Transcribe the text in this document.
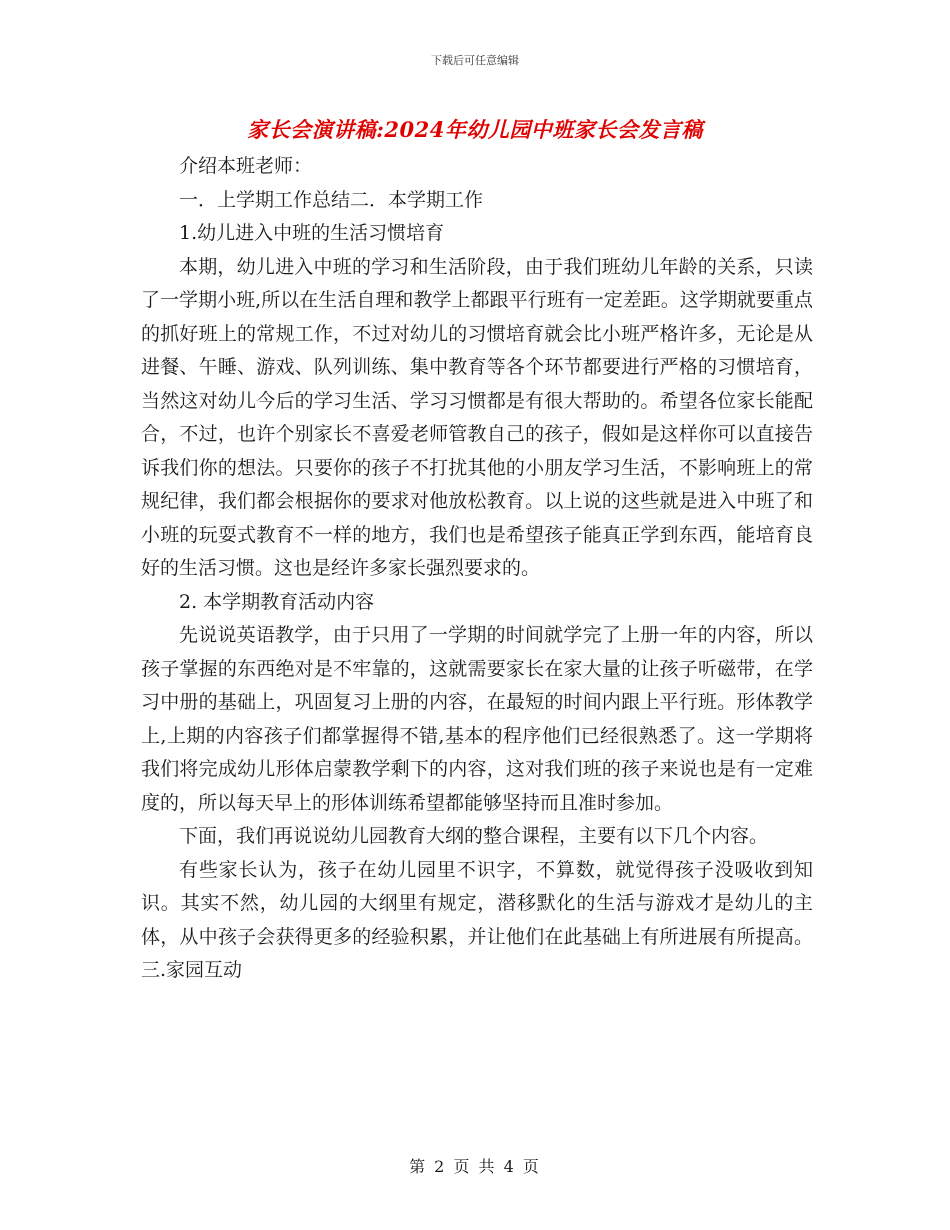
下载后可任意编辑
家长会演讲稿:2024年幼儿园中班家长会发言稿

介绍本班老师：

一．上学期工作总结二．本学期工作

1.幼儿进入中班的生活习惯培育

本期，幼儿进入中班的学习和生活阶段，由于我们班幼儿年龄的关系，只读了一学期小班,所以在生活自理和教学上都跟平行班有一定差距。这学期就要重点的抓好班上的常规工作，不过对幼儿的习惯培育就会比小班严格许多，无论是从进餐、午睡、游戏、队列训练、集中教育等各个环节都要进行严格的习惯培育，当然这对幼儿今后的学习生活、学习习惯都是有很大帮助的。希望各位家长能配合，不过，也许个别家长不喜爱老师管教自己的孩子，假如是这样你可以直接告诉我们你的想法。只要你的孩子不打扰其他的小朋友学习生活，不影响班上的常规纪律，我们都会根据你的要求对他放松教育。以上说的这些就是进入中班了和小班的玩耍式教育不一样的地方，我们也是希望孩子能真正学到东西，能培育良好的生活习惯。这也是经许多家长强烈要求的。

2. 本学期教育活动内容

先说说英语教学，由于只用了一学期的时间就学完了上册一年的内容，所以孩子掌握的东西绝对是不牢靠的，这就需要家长在家大量的让孩子听磁带，在学习中册的基础上，巩固复习上册的内容，在最短的时间内跟上平行班。形体教学上,上期的内容孩子们都掌握得不错,基本的程序他们已经很熟悉了。这一学期将我们将完成幼儿形体启蒙教学剩下的内容，这对我们班的孩子来说也是有一定难度的，所以每天早上的形体训练希望都能够坚持而且准时参加。

下面，我们再说说幼儿园教育大纲的整合课程，主要有以下几个内容。

有些家长认为，孩子在幼儿园里不识字，不算数，就觉得孩子没吸收到知识。其实不然，幼儿园的大纲里有规定，潜移默化的生活与游戏才是幼儿的主体，从中孩子会获得更多的经验积累，并让他们在此基础上有所进展有所提高。三.家园互动

第 2 页 共 4 页
